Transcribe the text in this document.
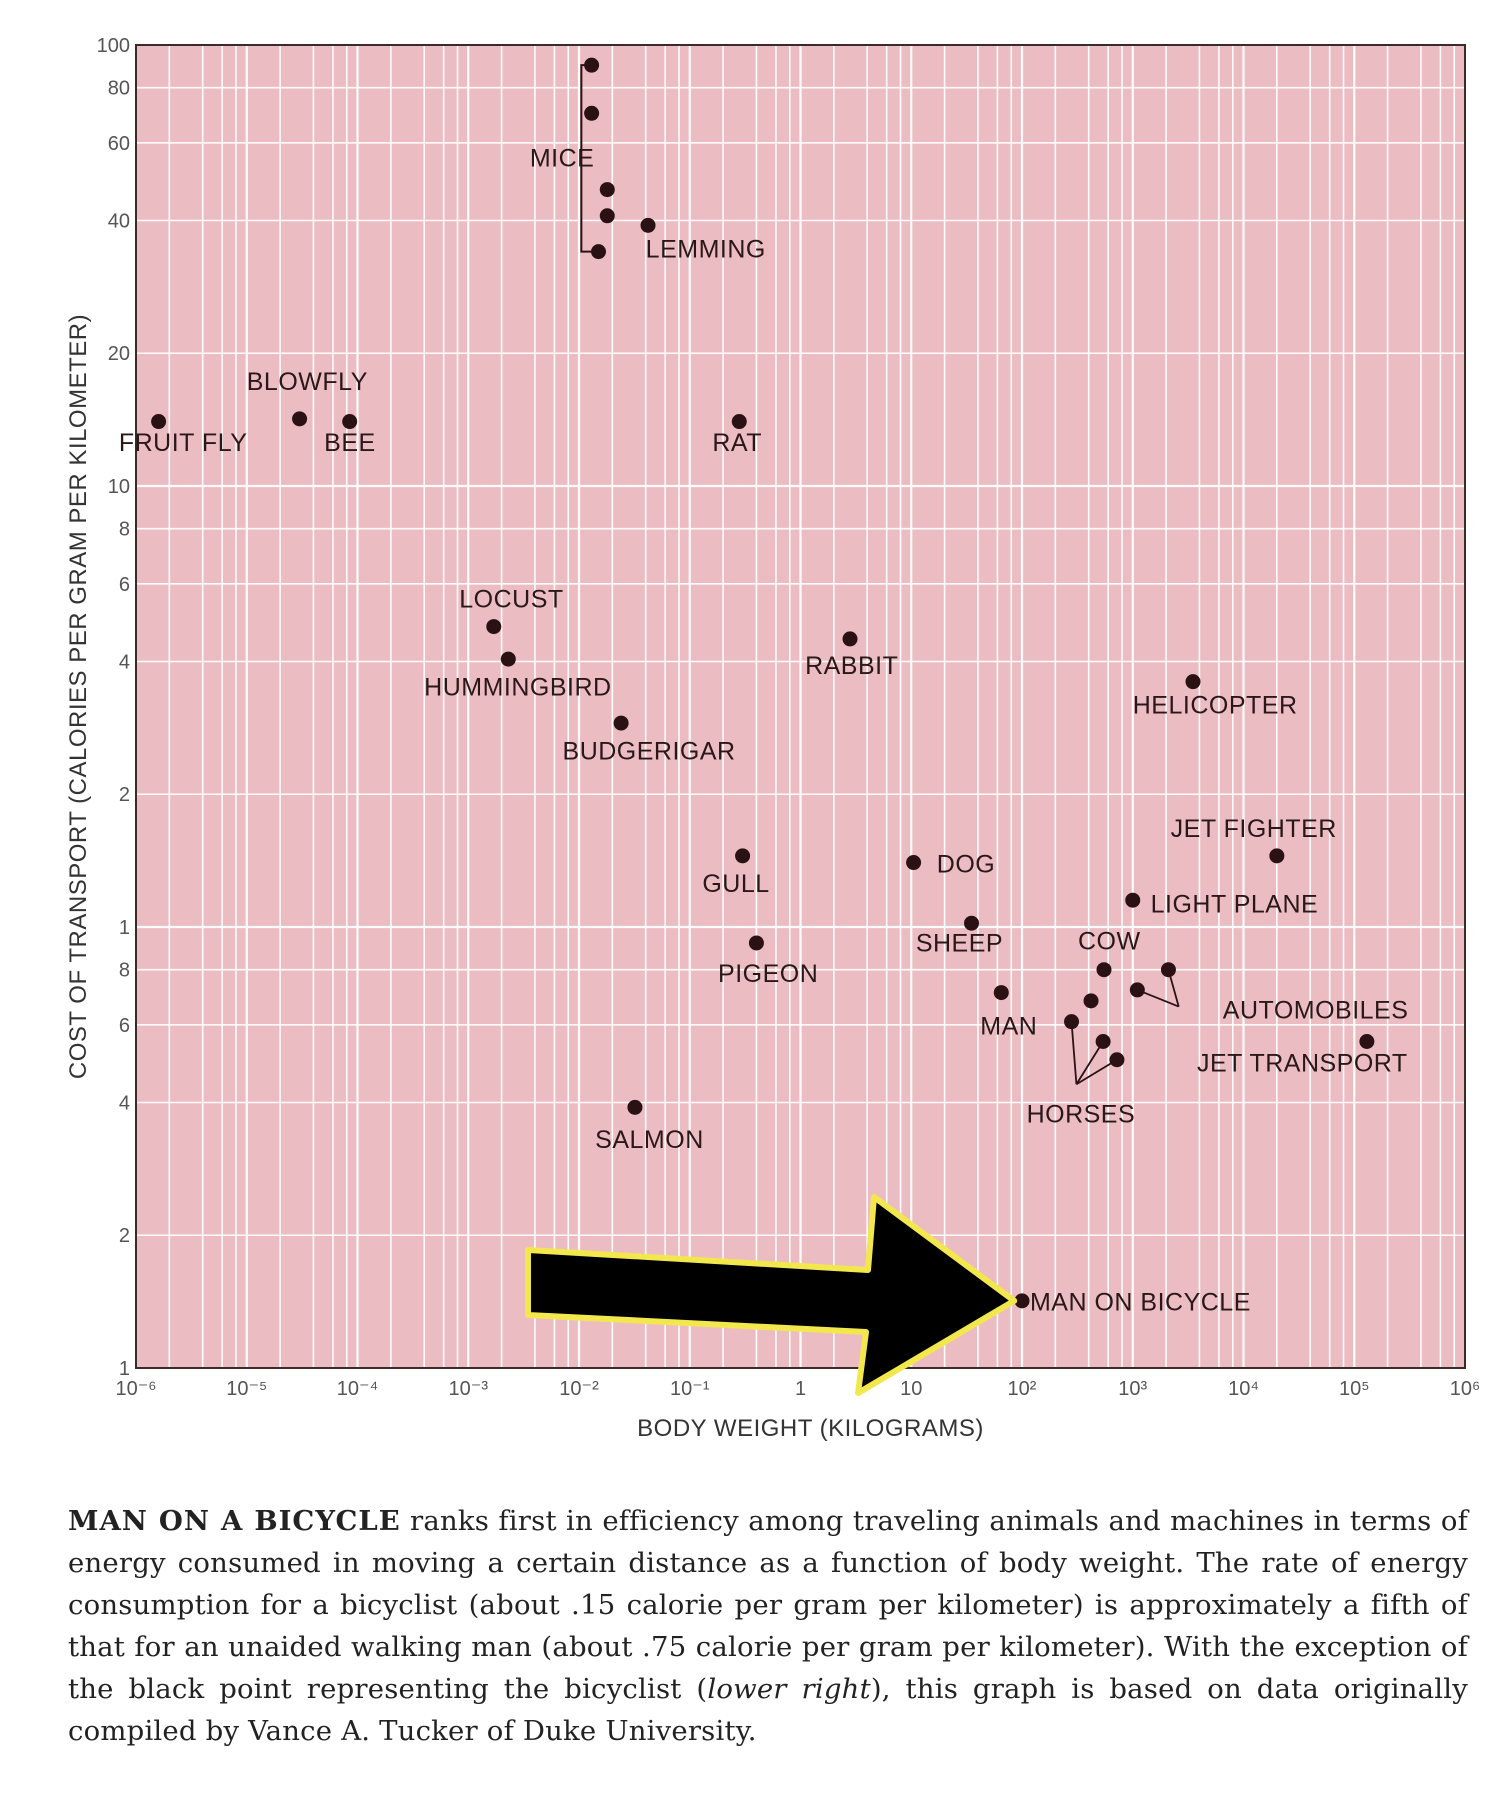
10⁻⁶	10⁻⁵	10⁻⁴	10⁻³	10⁻²	10⁻¹	1	10	10²	10³	10⁴	10⁵	10⁶
1
2
4
6
8
1
2
4
6
8
10
20
40
60
80
100
MICE
LEMMING
BLOWFLY
FRUIT FLY	BEE	RAT
LOCUST
HUMMINGBIRD
BUDGERIGAR
RABBIT
HELICOPTER
JET FIGHTER
GULL
DOG
LIGHT PLANE
SHEEP
PIGEON
COW
AUTOMOBILES
MAN
JET TRANSPORT
HORSES
SALMON
MAN ON BICYCLE
BODY WEIGHT (KILOGRAMS)
COST OF TRANSPORT (CALORIES PER GRAM PER KILOMETER)

MAN ON A BICYCLE ranks first in efficiency among traveling animals and machines in terms of energy consumed in moving a certain distance as a function of body weight. The rate of energy consumption for a bicyclist (about .15 calorie per gram per kilometer) is approximately a fifth of that for an unaided walking man (about .75 calorie per gram per kilometer). With the exception of the black point representing the bicyclist (lower right), this graph is based on data originally compiled by Vance A. Tucker of Duke University.
